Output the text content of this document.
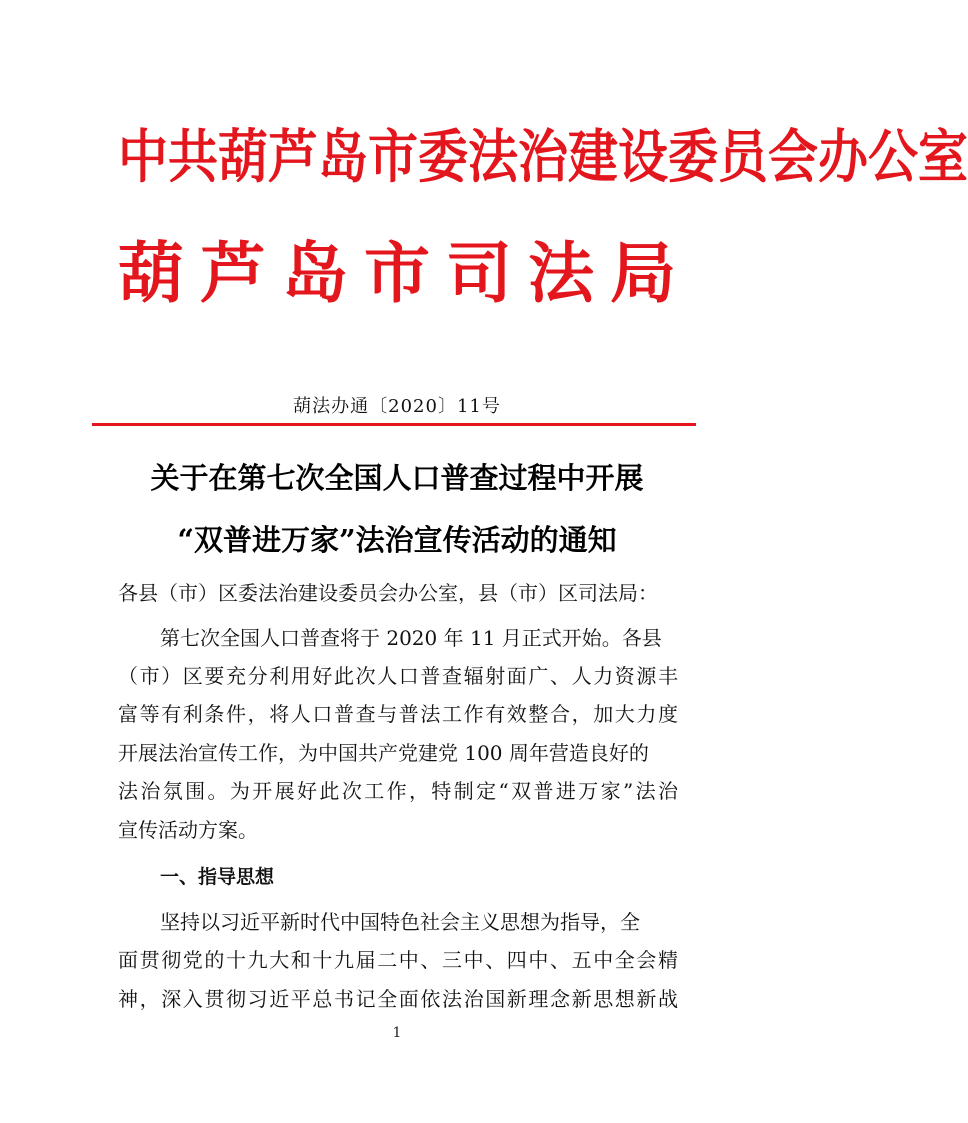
中共葫芦岛市委法治建设委员会办公室
葫芦岛市司法局
葫法办通〔2020〕11号
关于在第七次全国人口普查过程中开展
“双普进万家”法治宣传活动的通知
各县（市）区委法治建设委员会办公室，县（市）区司法局：
第七次全国人口普查将于 2020 年 11 月正式开始。各县
（市）区要充分利用好此次人口普查辐射面广、人力资源丰
富等有利条件，将人口普查与普法工作有效整合，加大力度
开展法治宣传工作，为中国共产党建党 100 周年营造良好的
法治氛围。为开展好此次工作，特制定“双普进万家”法治
宣传活动方案。
一、指导思想
坚持以习近平新时代中国特色社会主义思想为指导，全
面贯彻党的十九大和十九届二中、三中、四中、五中全会精
神，深入贯彻习近平总书记全面依法治国新理念新思想新战
1
